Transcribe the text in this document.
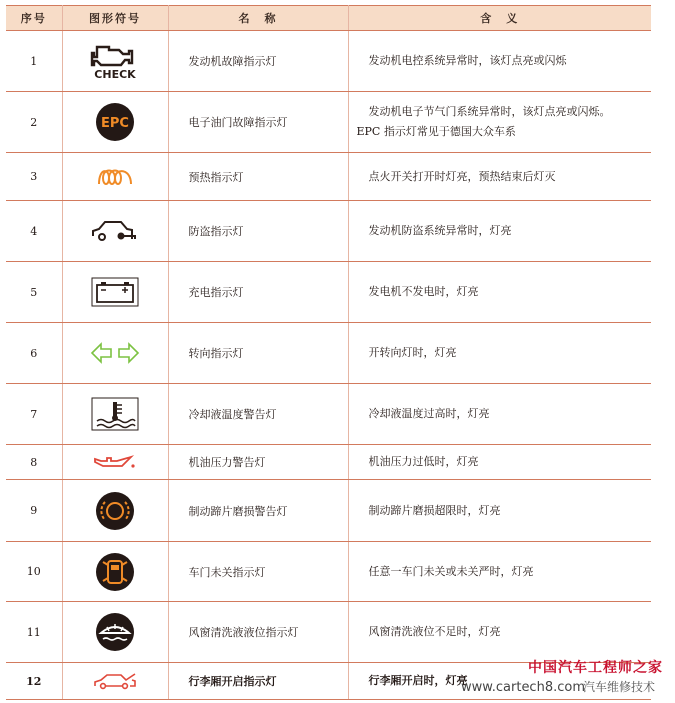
序号	图形符号	名　称	含　义
1	CHECK	发动机故障指示灯	发动机电控系统异常时，该灯点亮或闪烁
2	EPC	电子油门故障指示灯	发动机电子节气门系统异常时，该灯点亮或闪烁。
EPC 指示灯常见于德国大众车系

3		预热指示灯	点火开关打开时灯亮，预热结束后灯灭
4		防盗指示灯	发动机防盗系统异常时，灯亮
5		充电指示灯	发电机不发电时，灯亮
6		转向指示灯	开转向灯时，灯亮
7		冷却液温度警告灯	冷却液温度过高时，灯亮
8		机油压力警告灯	机油压力过低时，灯亮
9		制动蹄片磨损警告灯	制动蹄片磨损超限时，灯亮
10		车门未关指示灯	任意一车门未关或未关严时，灯亮
11		风窗清洗液液位指示灯	风窗清洗液位不足时，灯亮
12		行李厢开启指示灯	行李厢开启时，灯亮
中国汽车工程师之家
汽车维修技术
www.cartech8.com
